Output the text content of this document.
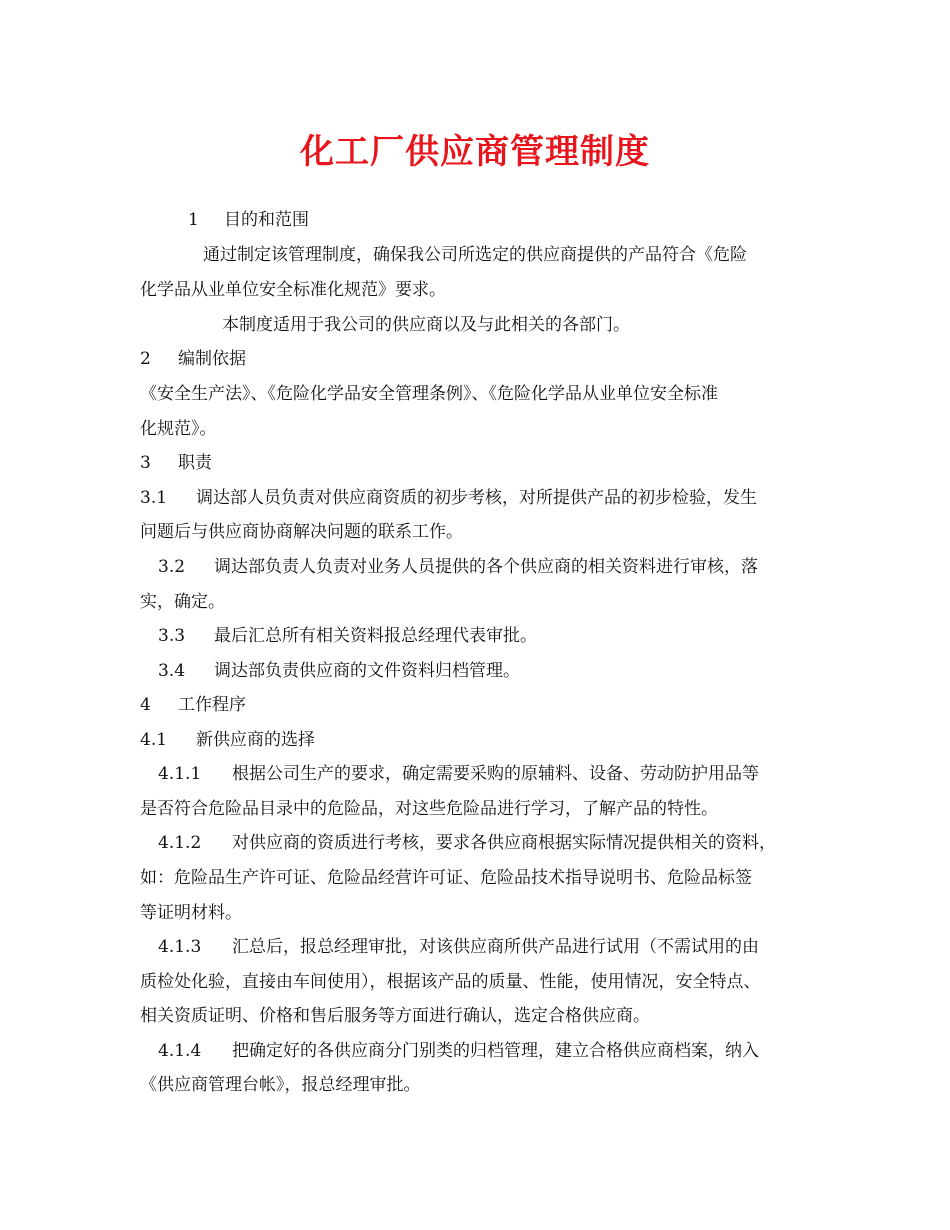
化工厂供应商管理制度
1 目的和范围
通过制定该管理制度，确保我公司所选定的供应商提供的产品符合《危险
化学品从业单位安全标准化规范》要求。
本制度适用于我公司的供应商以及与此相关的各部门。
2 编制依据
《安全生产法》、《危险化学品安全管理条例》、《危险化学品从业单位安全标准
化规范》。
3 职责
3.1 调达部人员负责对供应商资质的初步考核，对所提供产品的初步检验，发生
问题后与供应商协商解决问题的联系工作。
3.2 调达部负责人负责对业务人员提供的各个供应商的相关资料进行审核，落
实，确定。
3.3 最后汇总所有相关资料报总经理代表审批。
3.4 调达部负责供应商的文件资料归档管理。
4 工作程序
4.1 新供应商的选择
4.1.1 根据公司生产的要求，确定需要采购的原辅料、设备、劳动防护用品等
是否符合危险品目录中的危险品，对这些危险品进行学习，了解产品的特性。
4.1.2 对供应商的资质进行考核，要求各供应商根据实际情况提供相关的资料，
如：危险品生产许可证、危险品经营许可证、危险品技术指导说明书、危险品标签
等证明材料。
4.1.3 汇总后，报总经理审批，对该供应商所供产品进行试用（不需试用的由
质检处化验，直接由车间使用），根据该产品的质量、性能，使用情况，安全特点、
相关资质证明、价格和售后服务等方面进行确认，选定合格供应商。
4.1.4 把确定好的各供应商分门别类的归档管理，建立合格供应商档案，纳入
《供应商管理台帐》，报总经理审批。
